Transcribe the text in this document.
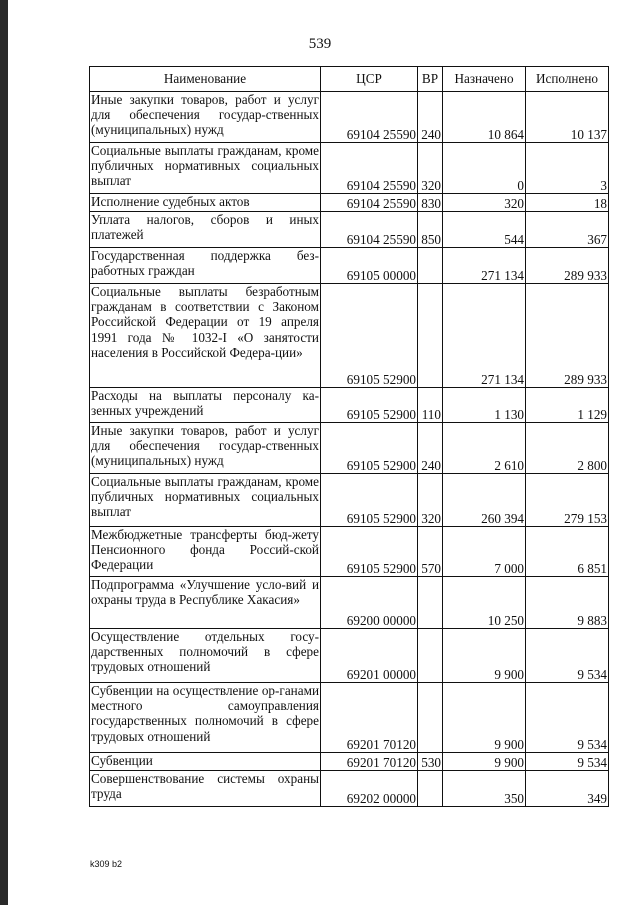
539
Наименование	ЦСР	ВР	Назначено	Исполнено
Иные закупки товаров, работ и услуг для обеспечения государ-ственных (муниципальных) нужд	69104 25590	240	10 864	10 137
Социальные выплаты гражданам, кроме публичных нормативных социальных выплат	69104 25590	320	0	3
Исполнение судебных актов	69104 25590	830	320	18
Уплата налогов, сборов и иных платежей	69104 25590	850	544	367
Государственная поддержка без-работных граждан	69105 00000		271 134	289 933
Социальные выплаты безработным гражданам в соответствии с Законом Российской Федерации от 19 апреля 1991 года № 1032-I «О занятости населения в Российской Федера-ции»	69105 52900		271 134	289 933
Расходы на выплаты персоналу ка-зенных учреждений	69105 52900	110	1 130	1 129
Иные закупки товаров, работ и услуг для обеспечения государ-ственных (муниципальных) нужд	69105 52900	240	2 610	2 800
Социальные выплаты гражданам, кроме публичных нормативных социальных выплат	69105 52900	320	260 394	279 153
Межбюджетные трансферты бюд-жету Пенсионного фонда Россий-ской Федерации	69105 52900	570	7 000	6 851
Подпрограмма «Улучшение усло-вий и охраны труда в Республике Хакасия»	69200 00000		10 250	9 883
Осуществление отдельных госу-дарственных полномочий в сфере трудовых отношений	69201 00000		9 900	9 534
Субвенции на осуществление ор-ганами местного самоуправления государственных полномочий в сфере трудовых отношений	69201 70120		9 900	9 534
Субвенции	69201 70120	530	9 900	9 534
Совершенствование системы охраны труда	69202 00000		350	349
k309 b2
